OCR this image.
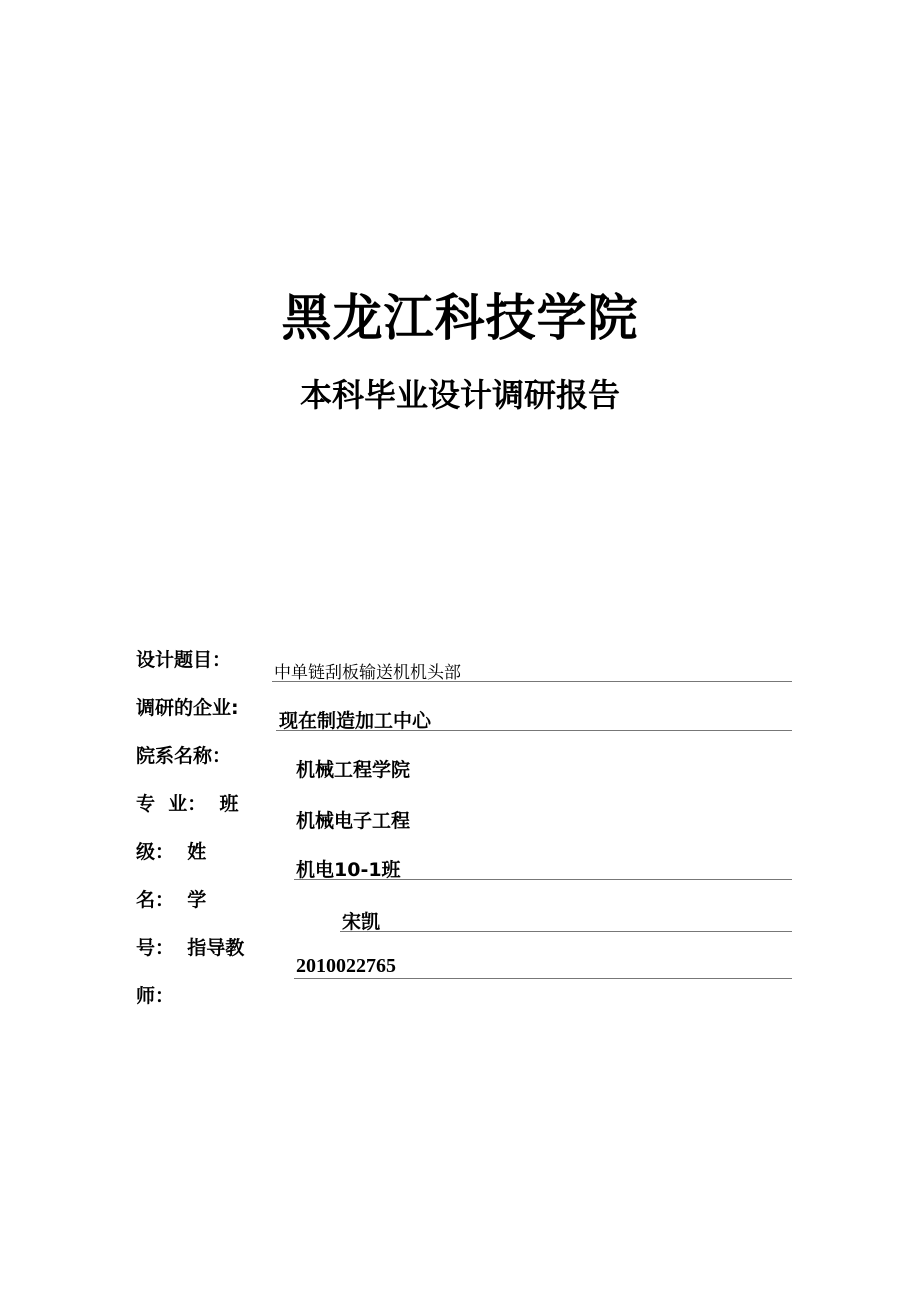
黑龙江科技学院
本科毕业设计调研报告
设计题目：
调研的企业:
院系名称：
专  业：  班
级：  姓
名：  学
号：  指导教
师：
中单链刮板输送机机头部
现在制造加工中心
机械工程学院
机械电子工程
机电10-1班
宋凯
2010022765
